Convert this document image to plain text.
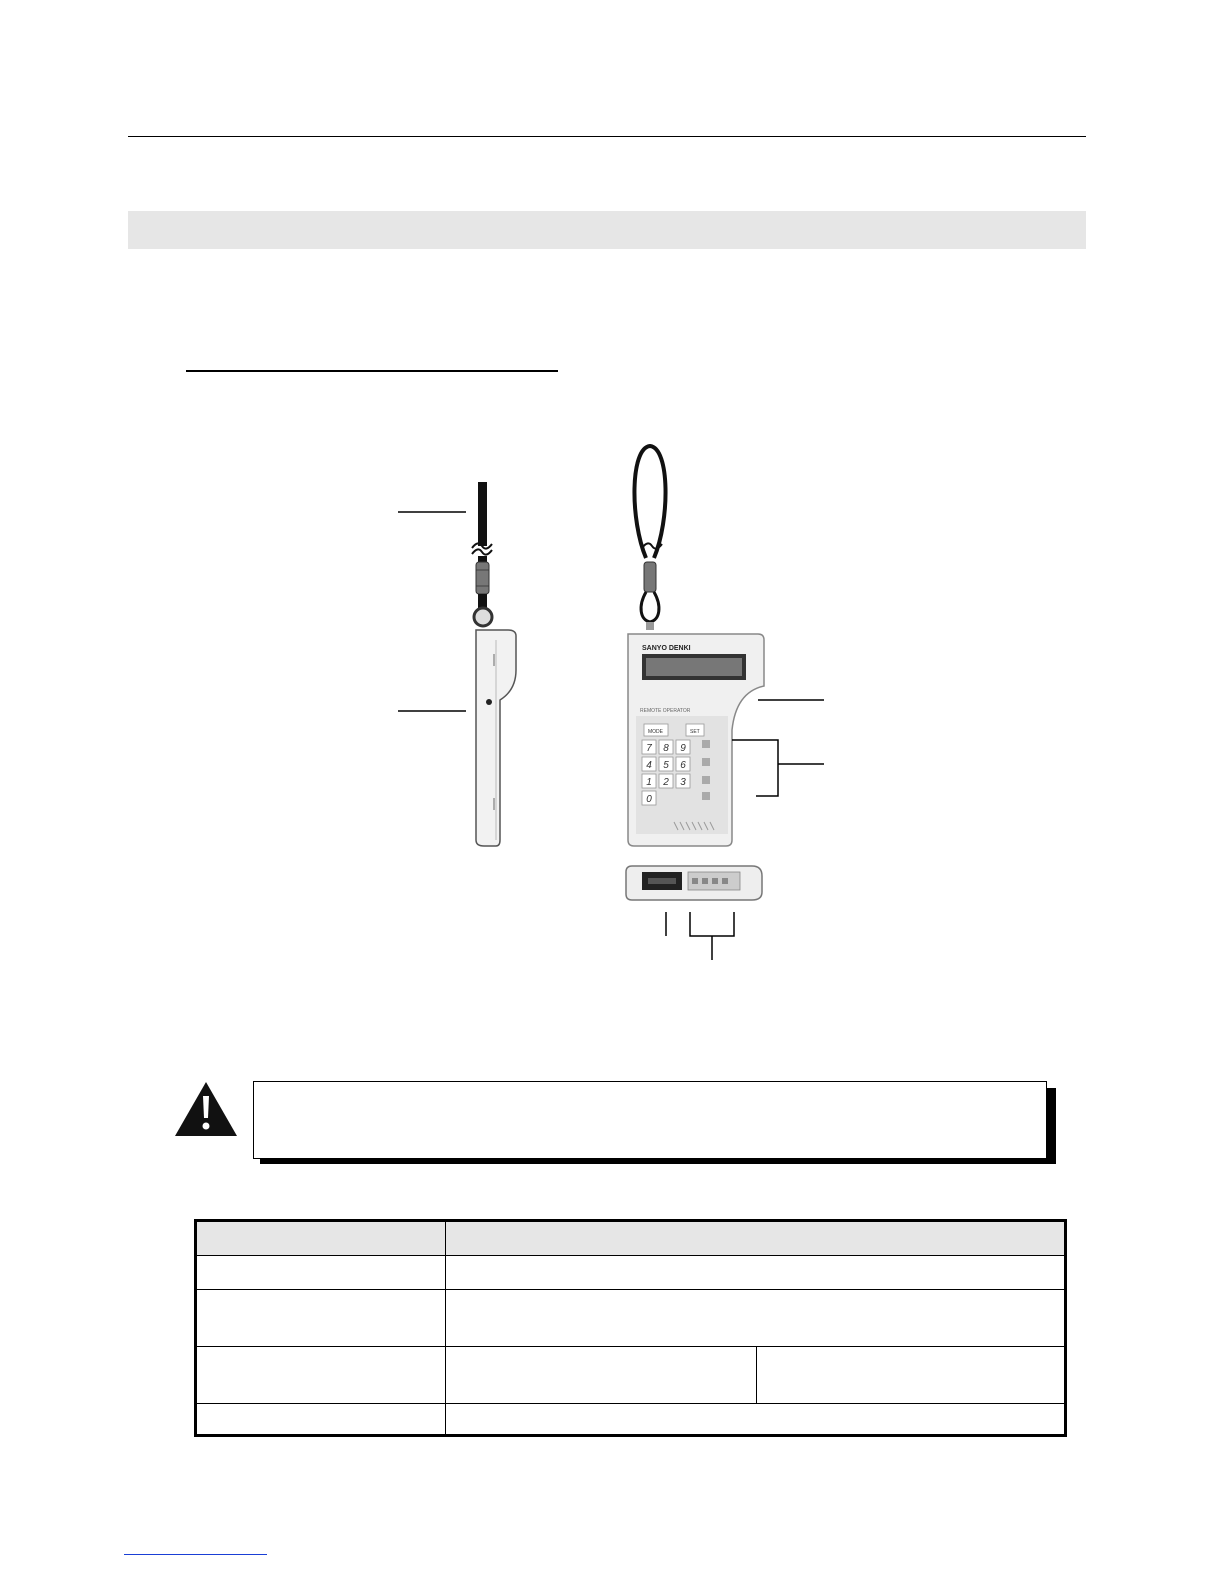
SANYO DENKI
REMOTE OPERATOR
MODE	SET
7 8 9
4 5 6
1 2 3
0
